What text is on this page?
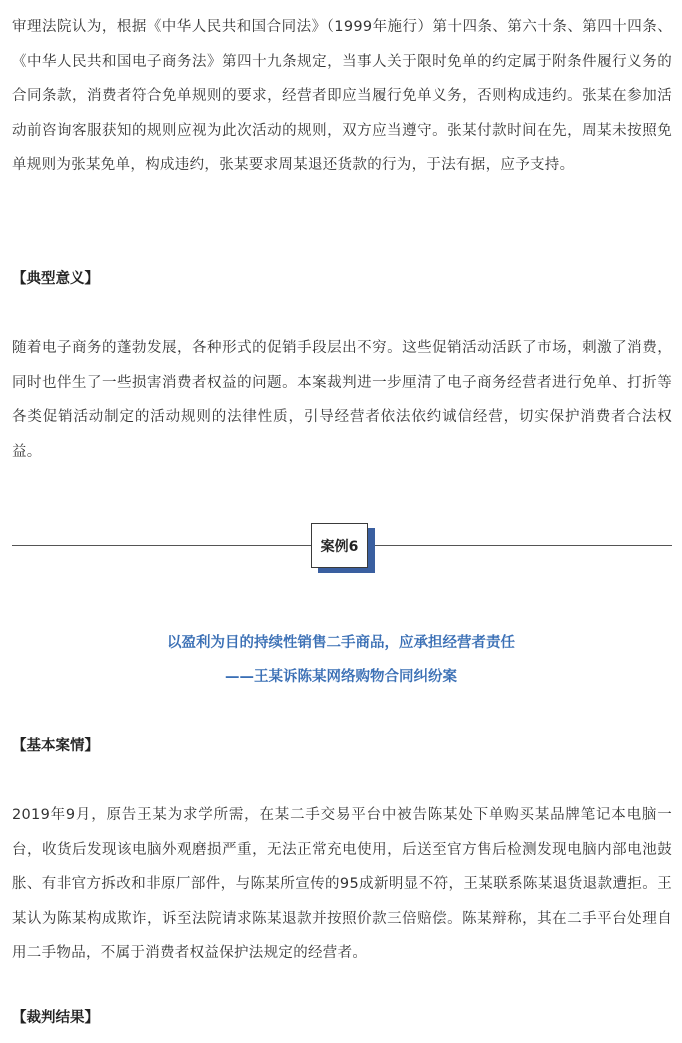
审理法院认为，根据《中华人民共和国合同法》（1999年施行）第十四条、第六十条、第四十四条、《中华人民共和国电子商务法》第四十九条规定，当事人关于限时免单的约定属于附条件履行义务的合同条款，消费者符合免单规则的要求，经营者即应当履行免单义务，否则构成违约。张某在参加活动前咨询客服获知的规则应视为此次活动的规则，双方应当遵守。张某付款时间在先，周某未按照免单规则为张某免单，构成违约，张某要求周某退还货款的行为，于法有据，应予支持。

【典型意义】

随着电子商务的蓬勃发展，各种形式的促销手段层出不穷。这些促销活动活跃了市场，刺激了消费，同时也伴生了一些损害消费者权益的问题。本案裁判进一步厘清了电子商务经营者进行免单、打折等各类促销活动制定的活动规则的法律性质，引导经营者依法依约诚信经营，切实保护消费者合法权益。

案例6

以盈利为目的持续性销售二手商品，应承担经营者责任

——王某诉陈某网络购物合同纠纷案

【基本案情】

2019年9月，原告王某为求学所需，在某二手交易平台中被告陈某处下单购买某品牌笔记本电脑一台，收货后发现该电脑外观磨损严重，无法正常充电使用，后送至官方售后检测发现电脑内部电池鼓胀、有非官方拆改和非原厂部件，与陈某所宣传的95成新明显不符，王某联系陈某退货退款遭拒。王某认为陈某构成欺诈，诉至法院请求陈某退款并按照价款三倍赔偿。陈某辩称，其在二手平台处理自用二手物品，不属于消费者权益保护法规定的经营者。

【裁判结果】
